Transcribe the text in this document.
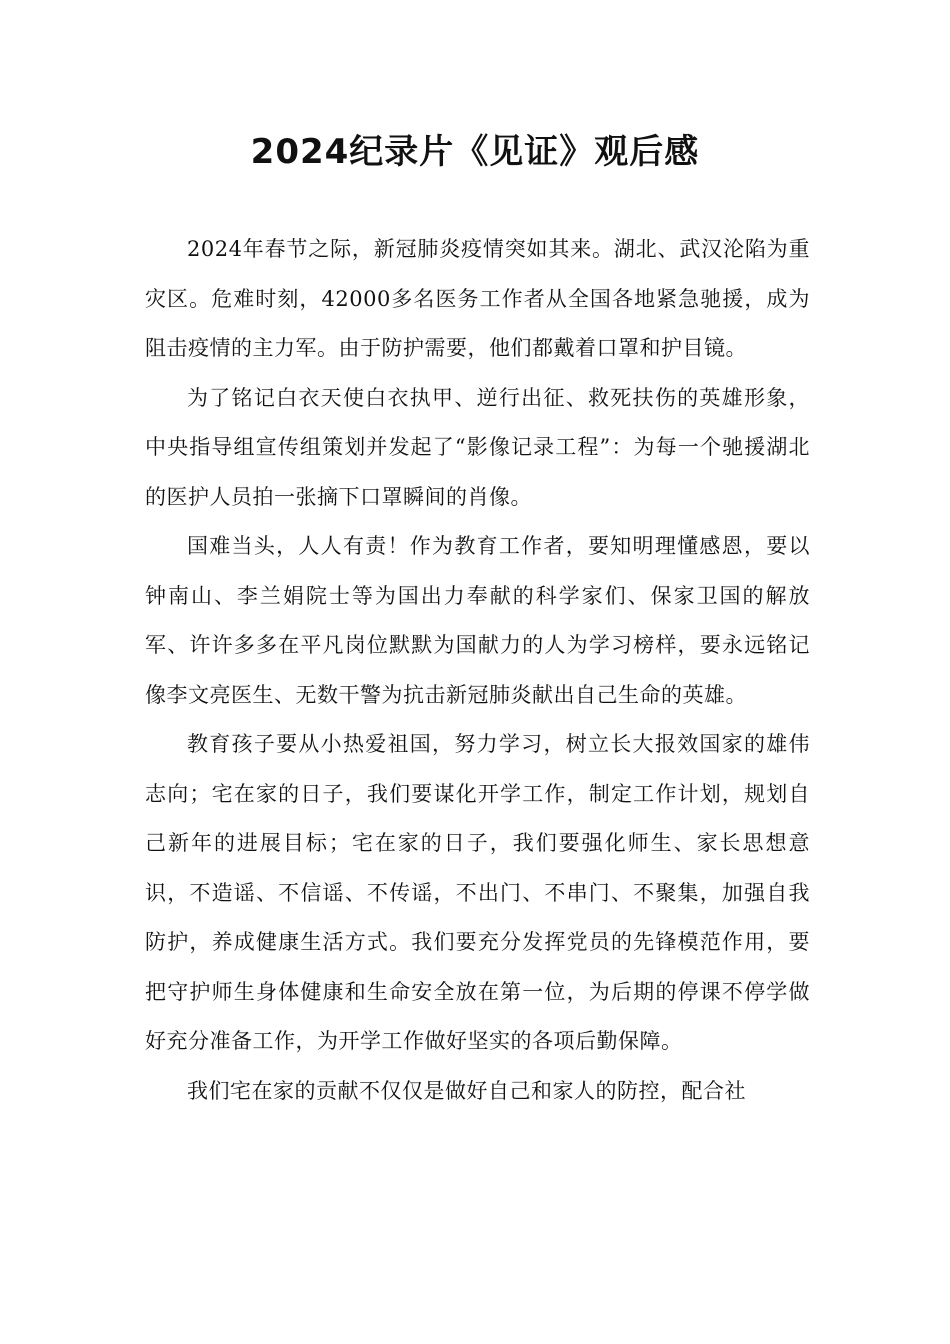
2024纪录片《见证》观后感

2024年春节之际，新冠肺炎疫情突如其来。湖北、武汉沦陷为重灾区。危难时刻，42000多名医务工作者从全国各地紧急驰援，成为阻击疫情的主力军。由于防护需要，他们都戴着口罩和护目镜。

为了铭记白衣天使白衣执甲、逆行出征、救死扶伤的英雄形象，中央指导组宣传组策划并发起了“影像记录工程”：为每一个驰援湖北的医护人员拍一张摘下口罩瞬间的肖像。

国难当头，人人有责！作为教育工作者，要知明理懂感恩，要以钟南山、李兰娟院士等为国出力奉献的科学家们、保家卫国的解放军、许许多多在平凡岗位默默为国献力的人为学习榜样，要永远铭记像李文亮医生、无数干警为抗击新冠肺炎献出自己生命的英雄。

教育孩子要从小热爱祖国，努力学习，树立长大报效国家的雄伟志向；宅在家的日子，我们要谋化开学工作，制定工作计划，规划自己新年的进展目标；宅在家的日子，我们要强化师生、家长思想意识，不造谣、不信谣、不传谣，不出门、不串门、不聚集，加强自我防护，养成健康生活方式。我们要充分发挥党员的先锋模范作用，要把守护师生身体健康和生命安全放在第一位，为后期的停课不停学做好充分准备工作，为开学工作做好坚实的各项后勤保障。

我们宅在家的贡献不仅仅是做好自己和家人的防控，配合社
